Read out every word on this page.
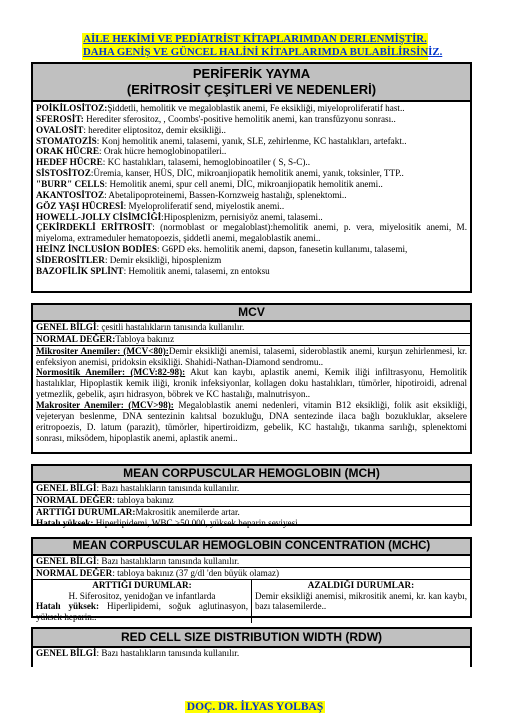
AİLE HEKİMİ VE PEDİATRİST KİTAPLARIMDAN DERLENMİŞTİR.
DAHA GENİŞ VE GÜNCEL HALİNİ KİTAPLARIMDA BULABİLİRSİNİZ.
PERİFERİK YAYMA
(ERİTROSİT ÇEŞİTLERİ VE NEDENLERİ)
POİKİLOSİTOZ:Şiddetli, hemolitik ve megaloblastik anemi, Fe eksikliği, miyeloproliferatif hast..
SFEROSİT: Herediter sferositoz, , Coombs'-positive hemolitik anemi, kan transfüzyonu sonrası..
OVALOSİT: herediter eliptositoz, demir eksikliği..
STOMATOZİS: Konj hemolitik anemi, talasemi, yanık, SLE, zehirlenme, KC hastalıkları, artefakt..
ORAK HÜCRE: Orak hücre hemoglobinopatileri..
HEDEF HÜCRE: KC hastalıkları, talasemi, hemoglobinoatiler ( S, S-C)..
SİSTOSİTOZ:Üremia, kanser, HÜS, DİC, mikroanjiopatik hemolitik anemi, yanık, toksinler, TTP..
"BURR" CELLS: Hemolitik anemi, spur cell anemi, DİC, mikroanjiopatik hemolitik anemi..
AKANTOSİTOZ: Abetalipoproteinemi, Bassen-Kornzweig hastalığı, splenektomi..
GÖZ YAŞI HÜCRESİ: Myeloproliferatif send, miyelostik anemi..
HOWELL-JOLLY CİSİMCİĞİ:Hiposplenizm, pernisiyöz anemi, talasemi..
ÇEKİRDEKLİ ERİTROSİT: (normoblast or megaloblast):hemolitik anemi, p. vera, miyelositik anemi, M. miyeloma, extrameduler hematopoezis, şiddetli anemi, megaloblastik anemi..
HEİNZ İNCLUSİON BODİES: G6PD eks. hemolitik anemi, dapson, fanesetin kullanımı, talasemi,
SİDEROSİTLER: Demir eksikliği, hiposplenizm
BAZOFİLİK SPLİNT: Hemolitik anemi, talasemi, zn entoksu
MCV
GENEL BİLGİ: çesitli hastalıkların tanısında kullanılır.
NORMAL DEĞER:Tabloya bakınız
Mikrositer Anemiler: (MCV<80):Demir eksikliği anemisi, talasemi, sideroblastik anemi, kurşun zehirlenmesi, kr. enfeksiyon anemisi, pridoksin eksikliği. Shahidi-Nathan-Diamond sendromu..
Normositik Anemiler: (MCV:82-98): Akut kan kaybı, aplastik anemi, Kemik iliği infiltrasyonu, Hemolitik hastalıklar, Hipoplastik kemik iliği, kronik infeksiyonlar, kollagen doku hastalıkları, tümörler, hipotiroidi, adrenal yetmezlik, gebelik, aşırı hidrasyon, böbrek ve KC hastalığı, malnutrisyon..
Makrositer Anemiler: (MCV>98): Megaloblastik anemi nedenleri, vitamin B12 eksikliği, folik asit eksikliği, vejeteryan beslenme, DNA sentezinin kalıtsal bozukluğu, DNA sentezinde ilaca bağlı bozukluklar, akselere eritropoezis, D. latum (parazit), tümörler, hipertiroidizm, gebelik, KC hastalığı, tıkanma sarılığı, splenektomi sonrası, miksödem, hipoplastik anemi, aplastik anemi..
MEAN CORPUSCULAR HEMOGLOBIN (MCH)
GENEL BİLGİ: Bazı hastalıkların tanısında kullanılır.
NORMAL DEĞER: tabloya bakınız
ARTTIĞI DURUMLAR:Makrositik anemilerde artar.
Hatalı yüksek: Hiperlipidemi, WBC >50.000, yüksek heparin seviyesi..
MEAN CORPUSCULAR HEMOGLOBIN CONCENTRATION (MCHC)
GENEL BİLGİ: Bazı hastalıkların tanısında kullanılır.
NORMAL DEĞER: tabloya bakınız (37 g/dl 'den büyük olamaz)
ARTTIĞI DURUMLAR:
H. Siferositoz, yenidoğan ve infantlarda
Hatalı yüksek: Hiperlipidemi, soğuk aglutinasyon, yüksek heparin..
AZALDIĞI DURUMLAR:
Demir eksikliği anemisi, mikrositik anemi, kr. kan kaybı, bazı talasemilerde..
RED CELL SIZE DISTRIBUTION WIDTH (RDW)
GENEL BİLGİ: Bazı hastalıkların tanısında kullanılır.
DOÇ. DR. İLYAS YOLBAŞ
